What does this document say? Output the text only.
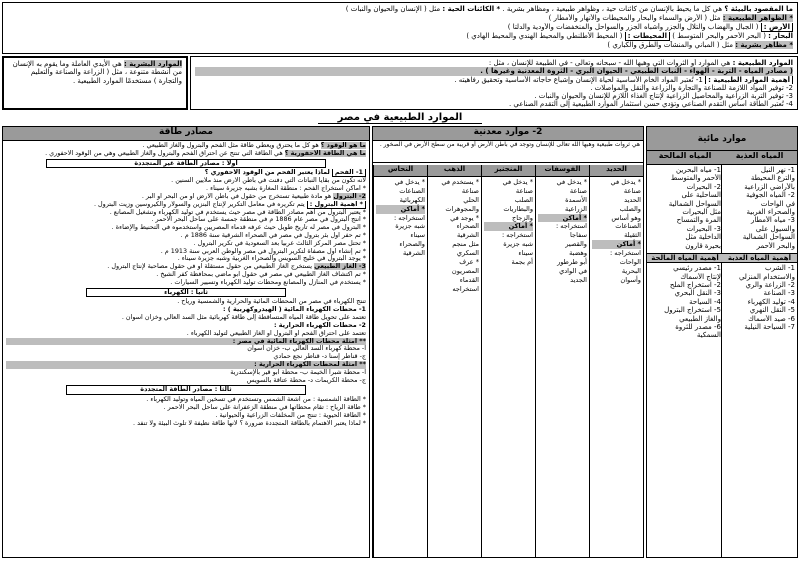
ما المقصود بالبيئة ؟ هي كل ما يحيط بالإنسان من كائنات حية ، وظواهر طبيعية ، ومظاهر بشرية . * الكائنات الحية : مثل ( الإنسان والحيوان والنبات )
* الظواهر الطبيعية : مثل ( الأرض والسماء والبحار والمحيطات والأنهار والأمطار )
الأرض : ( الجبال والهضاب والتلال والجزر وأشباه الجزر والسواحل والمنخفضات والأودية والدلتا )
البحار : ( البحر الأحمر والبحر المتوسط ) المحيطات : ( المحيط الأطلنطي والمحيط الهندي والمحيط الهادي )
* مظاهر بشرية : مثل ( المباني والمنشآت والطرق والكباري )
الموارد الطبيعية : هي الموارد أو الثروات التي وهبها الله - سبحانه وتعالى - في الطبيعة للإنسان ، مثل :
( مصادر المياه - التربة - الهواء - النبات الطبيعي - الحيوان البري - الثروة المعدنية وغيرها ) .
أهمية الموارد الطبيعية : 1- تُعتبر المواد الخام الأساسية لحياة الإنسان وإشباع حاجاته الأساسية وتحقيق رفاهيته .
2- توفير المواد اللازمة للصناعة والتجارة والزراعة والنقل والمواصلات .
3- توفير التربة الزراعية والمحاصيل الزراعية لإنتاج الغذاء اللازم للإنسان والحيوان والنبات .
4- تُعتبر الطاقة أساس التقدم الصناعي وتؤدي حسن استثمار الموارد الطبيعية إلى التقدم الصناعي .
الموارد البشرية : هي الأيدي العاملة وما يقوم به الإنسان من أنشطة متنوعة ، مثل ( الزراعة والصناعة والتعليم والتجارة ) مستخدمًا الموارد الطبيعية .
الموارد الطبيعية في مصر
موارد مائية
المياه العذبة
1- نهر النيل
والترع المحيطة
بالأراضي الزراعية
2- المياه الجوفية
في الواحات
والصحراء الغربية
3- مياه الأمطار
والسيول على
السواحل الشمالية
والبحر الأحمر
أهمية المياه العذبة
1- الشرب
والاستخدام المنزلي
2- الزراعة والري
3- الصناعة
4- توليد الكهرباء
5- النقل النهري
6- صيد الأسماك
7- السياحة النيلية
المياه المالحة
1- مياه البحرين
الأحمر والمتوسط
2- البحيرات
الساحلية على
السواحل الشمالية
مثل البحيرات
المرة والتمساح
3- البحيرات
الداخلية مثل
بحيرة قارون
أهمية المياه المالحة
1- مصدر رئيسي
لإنتاج الأسماك
2- استخراج الملح
3- النقل البحري
4- السياحة
5- استخراج البترول
والغاز الطبيعي
6- مصدر للثروة
السمكية
2- موارد معدنية
هي ثروات طبيعية وهبها الله تعالى للإنسان وتوجد في باطن الأرض أو قريبة من سطح الأرض في الصخور .
الحديد
* يدخل في
صناعة
الحديد
والصلب
وهو أساس
الصناعات
الثقيلة
* أماكن
استخراجه :
الواحات
البحرية
وأسوان
الفوسفات
* يدخل في
صناعة
الأسمدة
الزراعية
* أماكن
استخراجه :
سفاجا
والقصير
وهضبة
أبو طرطور
في الوادي
الجديد
المنجنيز
* يدخل في
صناعة
الصلب
والبطاريات
والزجاج
* أماكن
استخراجه :
شبه جزيرة
سيناء
أم بجمة
الذهب
* يستخدم في
صناعة
الحلي
والمجوهرات
* يوجد في
الصحراء
الشرقية
مثل منجم
السكري
* عرف
المصريون
القدماء
استخراجه
النحاس
* يدخل في
الصناعات
الكهربائية
* أماكن
استخراجه :
شبه جزيرة
سيناء
والصحراء
الشرقية
مصادر طاقة
ما هو الوقود ؟ هو كل ما يحترق ويعطي طاقة مثل الفحم والبترول والغاز الطبيعي .
ما هي الطاقة الأحفورية ؟ هي الطاقة التي تنتج عن احتراق الفحم والبترول والغاز الطبيعي وهي من الوقود الأحفوري .
أولاً : مصادر الطاقة غير المتجددة
1- الفحم لماذا يعتبر الفحم من الوقود الأحفوري ؟
لأنه تكون من بقايا النباتات التي دفنت في باطن الأرض منذ ملايين السنين .
* أماكن استخراج الفحم : منطقة المغارة بشبه جزيرة سيناء .
2- البترول هو مادة طبيعية تستخرج من حقول في باطن الأرض أو من البحر أو البر .
* أهمية البترول : يتم تكريره في معامل التكرير لإنتاج البنزين والسولار والكيروسين وزيت البترول .
* يعتبر البترول من أهم مصادر الطاقة في مصر حيث يستخدم في توليد الكهرباء وتشغيل المصانع .
* أنتج البترول في مصر عام 1886 م في منطقة جمسة على ساحل البحر الأحمر .
* البترول في مصر له تاريخ طويل حيث عرفه قدماء المصريين واستخدموه في التحنيط والإضاءة .
* تم حفر أول بئر بترول في مصر في الصحراء الشرقية سنة 1886 م .
* تحتل مصر المركز الثالث عربياً بعد السعودية في تكرير البترول .
* تم إنشاء أول مصفاة لتكرير البترول في مصر والوطن العربي سنة 1913 م .
* يوجد البترول في خليج السويس والصحراء الغربية وشبه جزيرة سيناء .
3- الغاز الطبيعي يستخرج الغاز الطبيعي من حقول مستقلة أو في حقول مصاحبة لإنتاج البترول .
* تم اكتشاف الغاز الطبيعي في مصر في حقول أبو ماضي بمحافظة كفر الشيخ .
* يستخدم في المنازل والمصانع ومحطات توليد الكهرباء وتسيير السيارات .
ثانياً : الكهرباء
تنتج الكهرباء في مصر من المحطات المائية والحرارية والشمسية ورياح .
1- محطات الكهرباء المائية ( الهيدروكهربية ) :
تعتمد على تحويل طاقة المياه المتساقطة إلى طاقة كهربائية مثل السد العالي وخزان أسوان .
2- محطات الكهرباء الحرارية :
تعتمد على احتراق الفحم أو البترول أو الغاز الطبيعي لتوليد الكهرباء .
** أمثلة محطات الكهرباء المائية في مصر :
أ- محطة كهرباء السد العالي ب- خزان أسوان
ج- قناطر إسنا د- قناطر نجع حمادي
** أمثلة لمحطات الكهرباء الحرارية :
أ- محطة شبرا الخيمة ب- محطة أبو قير بالإسكندرية
ج- محطة الكريمات د- محطة عتاقة بالسويس
ثالثاً : مصادر الطاقة المتجددة
* الطاقة الشمسية : من أشعة الشمس وتستخدم في تسخين المياه وتوليد الكهرباء .
* طاقة الرياح : تقام محطاتها في منطقة الزعفرانة على ساحل البحر الأحمر .
* الطاقة الحيوية : تنتج من المخلفات الزراعية والحيوانية .
* لماذا يعتبر الاهتمام بالطاقة المتجددة ضرورة ؟ لأنها طاقة نظيفة لا تلوث البيئة ولا تنفد .
